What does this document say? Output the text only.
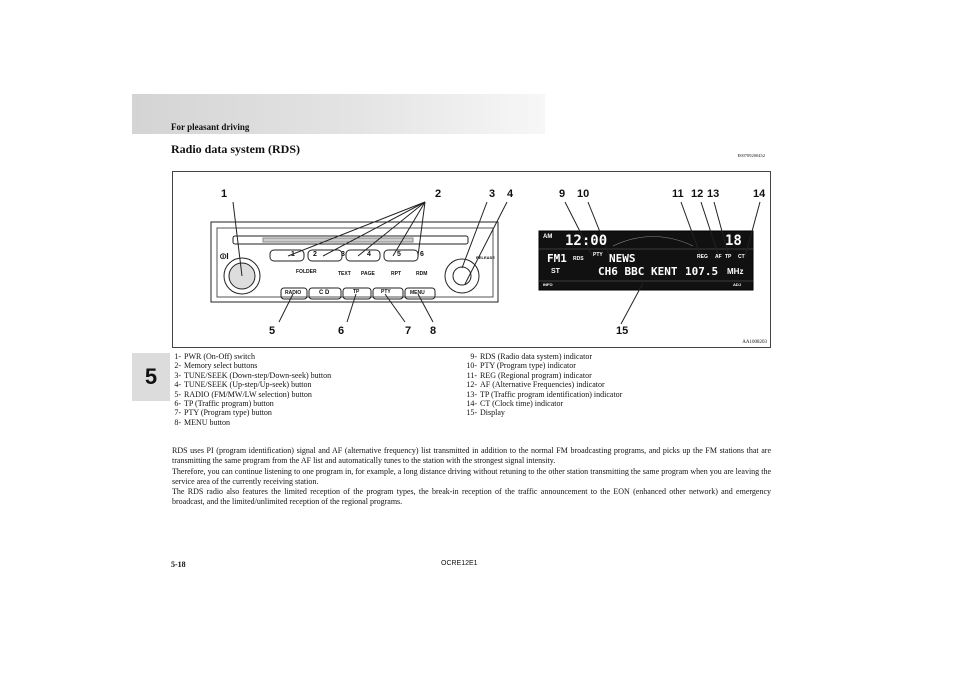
For pleasant driving
Radio data system (RDS)	E00709200452
5
⏼I	1	2	3	4	5	6
FOLDER	TEXT PAGE	RPT	RDM
RELEASE
RADIO	C D	TP	PTY	MENU
AM 12:00	18
FM1 RDS
PTY NEWS	REG AF TP CT
ST	CH6 BBC KENT 107.5 MHz
INFO	ADJ
1	2	3 4
5	6	7 8
9 10	11 12 13	14
15
AA1008203
1- PWR (On-Off) switch
2- Memory select buttons
3- TUNE/SEEK (Down-step/Down-seek) button
4- TUNE/SEEK (Up-step/Up-seek) button
5- RADIO (FM/MW/LW selection) button
6- TP (Traffic program) button
7- PTY (Program type) button
8- MENU button
9- RDS (Radio data system) indicator
10- PTY (Program type) indicator
11- REG (Regional program) indicator
12- AF (Alternative Frequencies) indicator
13- TP (Traffic program identification) indicator
14- CT (Clock time) indicator
15- Display

RDS uses PI (program identification) signal and AF (alternative frequency) list transmitted in addition to the normal FM broadcasting programs, and picks up the FM stations that are transmitting the same program from the AF list and automatically tunes to the station with the strongest signal intensity.

Therefore, you can continue listening to one program in, for example, a long distance driving without retuning to the other station transmitting the same program when you are leaving the service area of the currently receiving station.

The RDS radio also features the limited reception of the program types, the break-in reception of the traffic announcement to the EON (enhanced other network) and emergency broadcast, and the limited/unlimited reception of the regional programs.

5-18	OCRE12E1
